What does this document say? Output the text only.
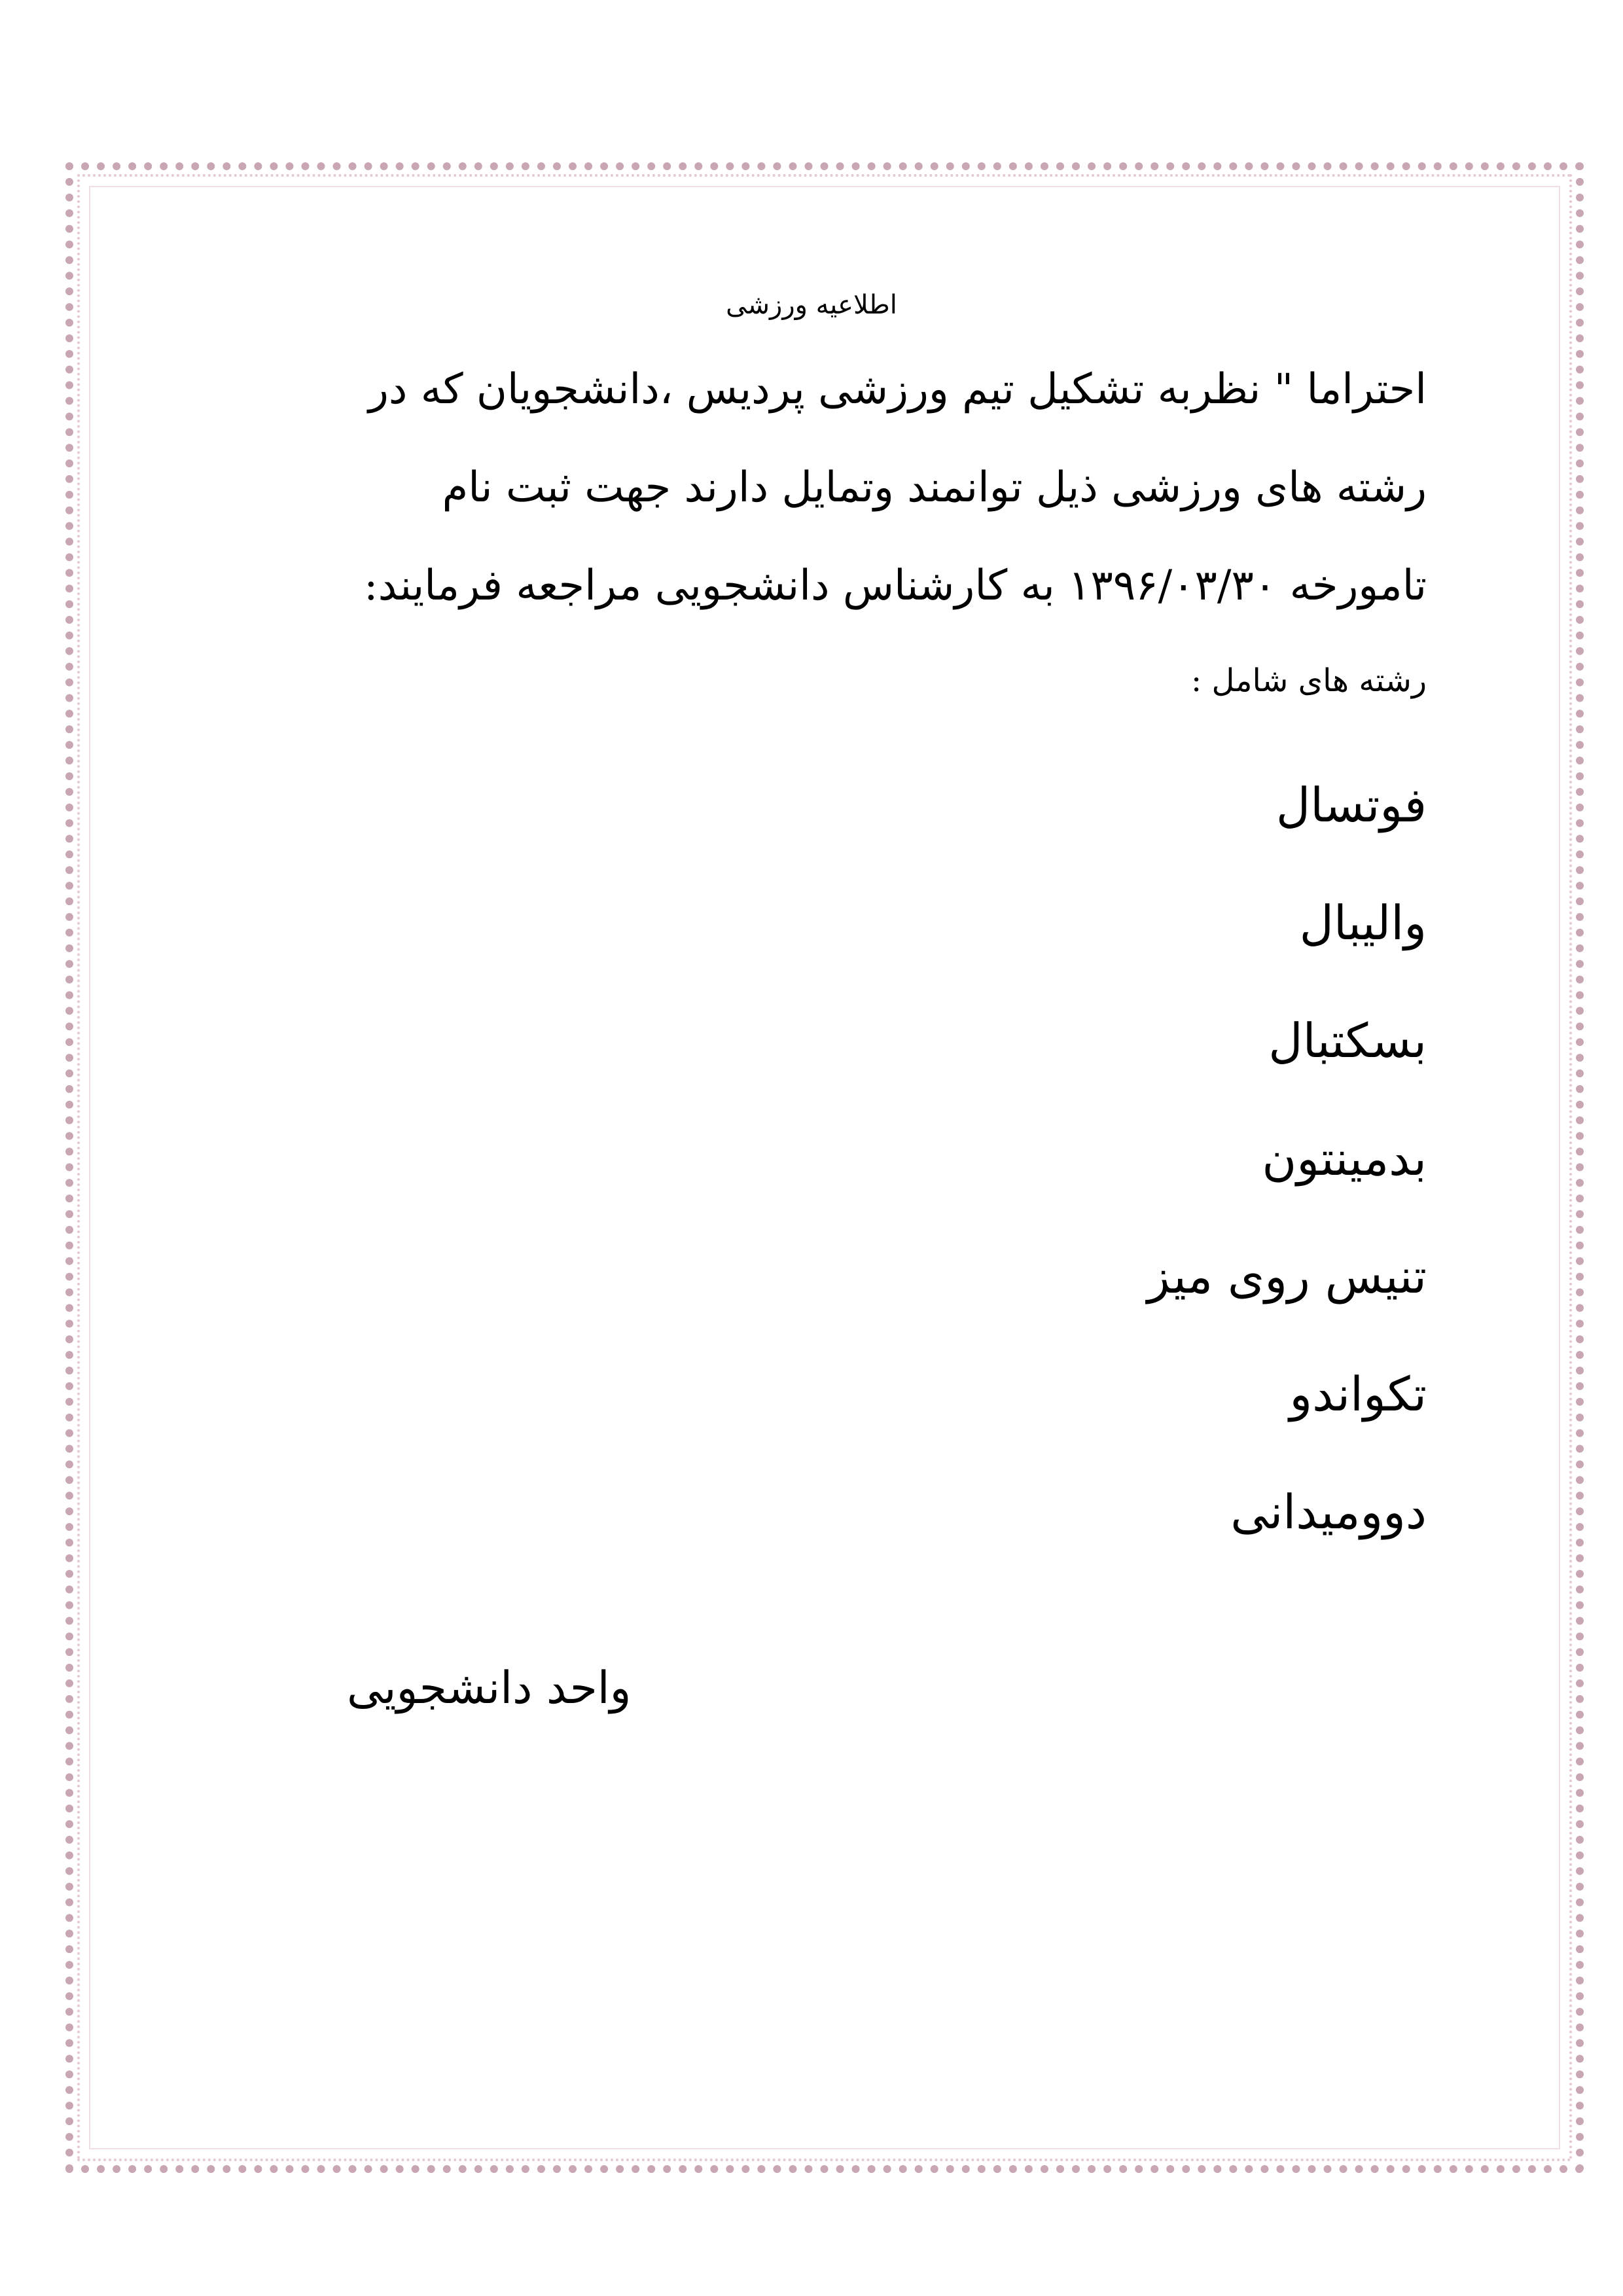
اطلاعیه ورزشی
احتراما " نظربه تشکیل تیم ورزشی پردیس ،دانشجویان که در
رشته های ورزشی ذیل توانمند وتمایل دارند جهت ثبت نام
تامورخه ۱۳۹۶/۰۳/۳۰ به کارشناس دانشجویی مراجعه فرمایند:
رشته های شامل :
فوتسال
والیبال
بسکتبال
بدمینتون
تنیس روی میز
تکواندو
دوومیدانی
واحد دانشجویی
